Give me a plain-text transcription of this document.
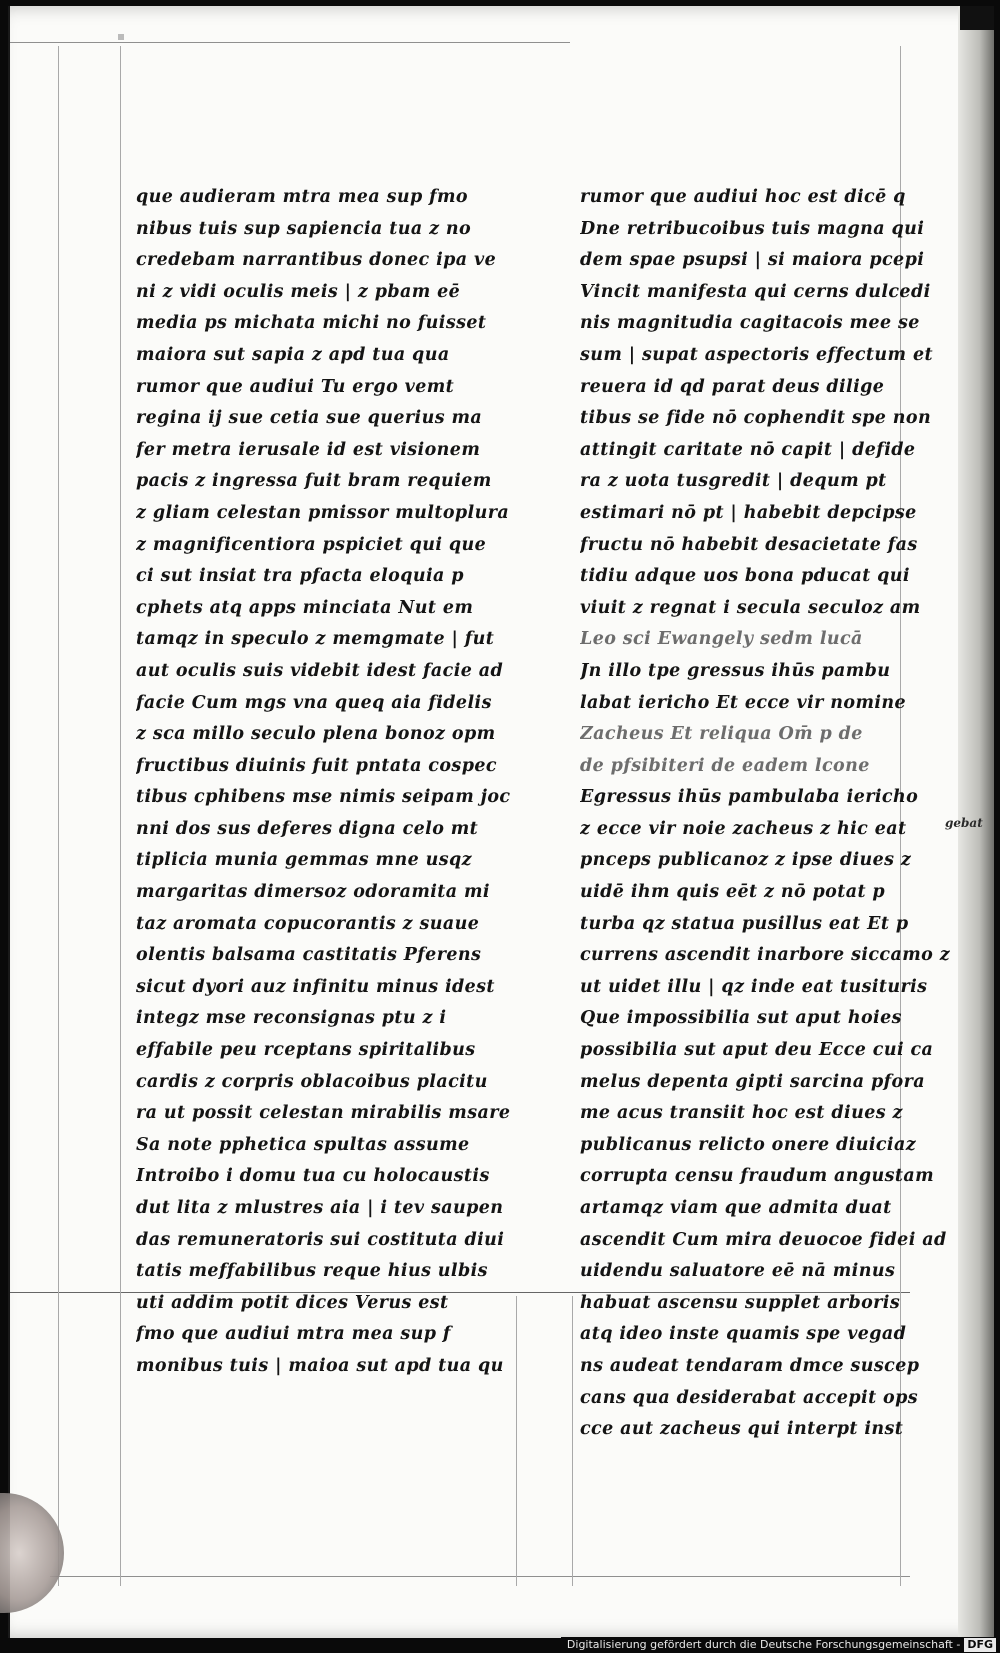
que audieram mtra mea sup fmo
nibus tuis sup sapiencia tua z no
credebam narrantibus donec ipa ve
ni z vidi oculis meis | z pbam eē
media ps michata michi no fuisset
maiora sut sapia z apd tua qua
rumor que audiui Tu ergo vemt
regina ij sue cetia sue querius ma
fer metra ierusale id est visionem
pacis z ingressa fuit bram requiem
z gliam celestan pmissor multoplura
z magnificentiora pspiciet qui que
ci sut insiat tra pfacta eloquia p
cphets atq apps minciata Nut em
tamqz in speculo z memgmate | fut
aut oculis suis videbit idest facie ad
facie Cum mgs vna queq aia fidelis
z sca millo seculo plena bonoz opm
fructibus diuinis fuit pntata cospec
tibus cphibens mse nimis seipam joc
nni dos sus deferes digna celo mt
tiplicia munia gemmas mne usqz
margaritas dimersoz odoramita mi
taz aromata copucorantis z suaue
olentis balsama castitatis Pferens
sicut dyori auz infinitu minus idest
integz mse reconsignas ptu z i
effabile peu rceptans spiritalibus
cardis z corpris oblacoibus placitu
ra ut possit celestan mirabilis msare
Sa note pphetica spultas assume
Introibo i domu tua cu holocaustis
dut lita z mlustres aia | i tev saupen
das remuneratoris sui costituta diui
tatis meffabilibus reque hius ulbis
uti addim potit dices Verus est
fmo que audiui mtra mea sup f
monibus tuis | maioa sut apd tua qu
rumor que audiui hoc est dicē q
Dne retribucoibus tuis magna qui
dem spae psupsi | si maiora pcepi
Vincit manifesta qui cerns dulcedi
nis magnitudia cagitacois mee se
sum | supat aspectoris effectum et
reuera id qd parat deus dilige
tibus se fide nō cophendit spe non
attingit caritate nō capit | defide
ra z uota tusgredit | dequm pt
estimari nō pt | habebit depcipse
fructu nō habebit desacietate fas
tidiu adque uos bona pducat qui
viuit z regnat i secula seculoz am
Leo sci Ewangely sedm lucā
Jn illo tpe gressus ihūs pambu
labat iericho Et ecce vir nomine
Zacheus Et reliqua Om̄ p de
de pfsibiteri de eadem lcone
Egressus ihūs pambulaba iericho
z ecce vir noie zacheus z hic eat
pnceps publicanoz z ipse diues z
uidē ihm quis eēt z nō potat p
turba qz statua pusillus eat Et p
currens ascendit inarbore siccamo z
ut uidet illu | qz inde eat tusituris
Que impossibilia sut aput hoies
possibilia sut aput deu Ecce cui ca
melus depenta gipti sarcina pfora
me acus transiit hoc est diues z
publicanus relicto onere diuiciaz
corrupta censu fraudum angustam
artamqz viam que admita duat
ascendit Cum mira deuocoe fidei ad
uidendu saluatore eē nā minus
habuat ascensu supplet arboris
atq ideo inste quamis spe vegad
ns audeat tendaram dmce suscep
cans qua desiderabat accepit ops
cce aut zacheus qui interpt inst
gebat
Digitalisierung gefördert durch die Deutsche Forschungsgemeinschaft - DFG
